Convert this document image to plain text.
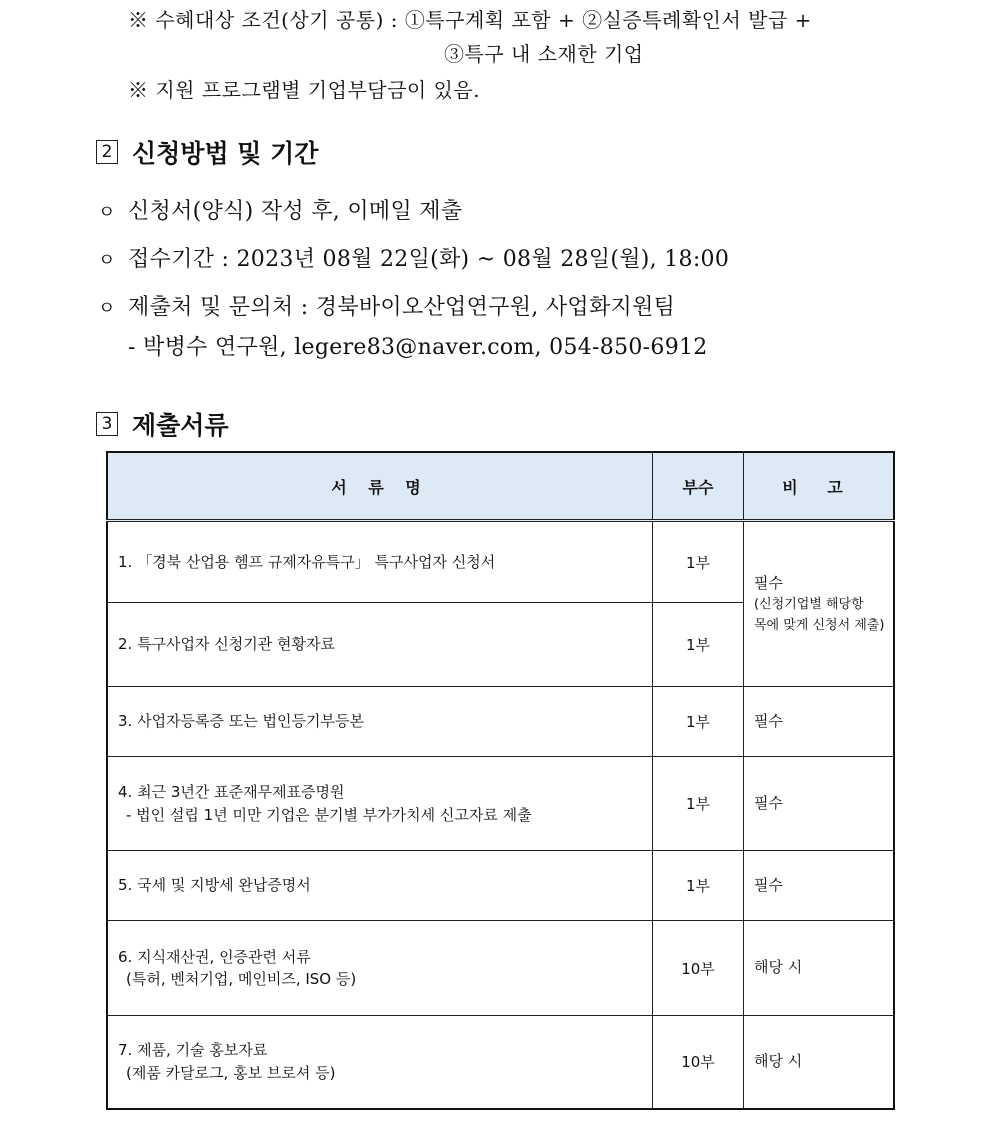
※ 수혜대상 조건(상기 공통) : ①특구계획 포함 + ②실증특례확인서 발급 +
③특구 내 소재한 기업
※ 지원 프로그램별 기업부담금이 있음.
2 신청방법 및 기간
ㅇ 신청서(양식) 작성 후, 이메일 제출
ㅇ 접수기간 : 2023년 08월 22일(화) ~ 08월 28일(월), 18:00
ㅇ 제출처 및 문의처 : 경북바이오산업연구원, 사업화지원팀
- 박병수 연구원, legere83@naver.com, 054-850-6912
3 제출서류
서 류 명	부수	비 고
1. 「경북 산업용 헴프 규제자유특구」 특구사업자 신청서	1부	필수
(신청기업별 해당항
목에 맞게 신청서 제출)

2. 특구사업자 신청기관 현황자료	1부	
3. 사업자등록증 또는 법인등기부등본	1부	필수

4. 최근 3년간 표준재무제표증명원
- 법인 설립 1년 미만 기업은 분기별 부가가치세 신고자료 제출	1부	필수
5. 국세 및 지방세 완납증명서	1부	필수

6. 지식재산권, 인증관련 서류
(특허, 벤처기업, 메인비즈, ISO 등)	10부	해당 시

7. 제품, 기술 홍보자료
(제품 카달로그, 홍보 브로셔 등)	10부	해당 시
